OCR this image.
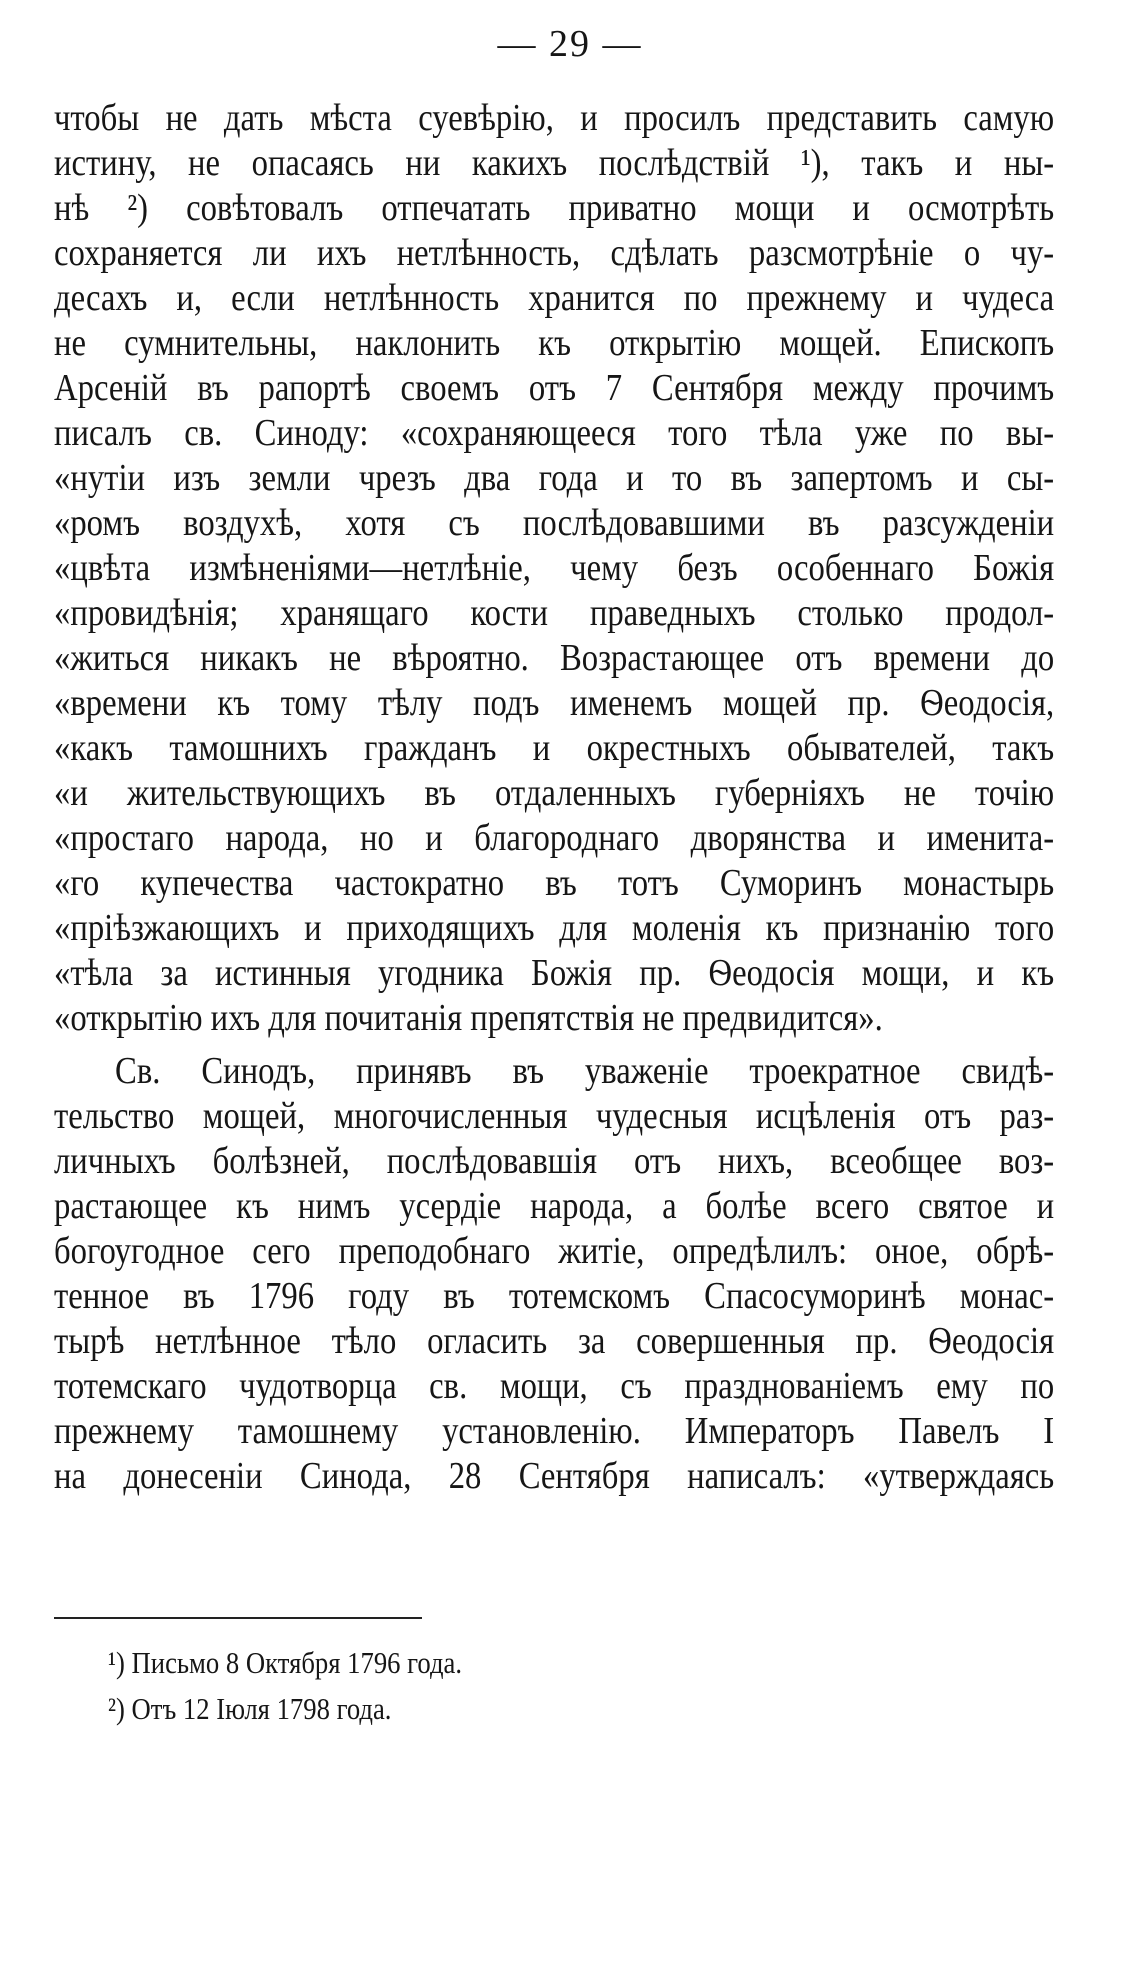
— 29 —
чтобы не дать мѣста суевѣрію, и просилъ представить самую
истину, не опасаясь ни какихъ послѣдствій ¹), такъ и ны-
нѣ ²) совѣтовалъ отпечатать приватно мощи и осмотрѣть
сохраняется ли ихъ нетлѣнность, сдѣлать разсмотрѣніе о чу-
десахъ и, если нетлѣнность хранится по прежнему и чудеса
не сумнительны, наклонить къ открытію мощей. Епископъ
Арсеній въ рапортѣ своемъ отъ 7 Сентября между прочимъ
писалъ св. Синоду: «сохраняющееся того тѣла уже по вы-
«нутіи изъ земли чрезъ два года и то въ запертомъ и сы-
«ромъ воздухѣ, хотя съ послѣдовавшими въ разсужденіи
«цвѣта измѣненіями—нетлѣніе, чему безъ особеннаго Божія
«провидѣнія; хранящаго кости праведныхъ столько продол-
«житься никакъ не вѣроятно. Возрастающее отъ времени до
«времени къ тому тѣлу подъ именемъ мощей пр. Ѳеодосія,
«какъ тамошнихъ гражданъ и окрестныхъ обывателей, такъ
«и жительствующихъ въ отдаленныхъ губерніяхъ не точію
«простаго народа, но и благороднаго дворянства и именита-
«го купечества частократно въ тотъ Суморинъ монастырь
«пріѣзжающихъ и приходящихъ для моленія къ признанію того
«тѣла за истинныя угодника Божія пр. Ѳеодосія мощи, и къ
«открытію ихъ для почитанія препятствія не предвидится».
Св. Синодъ, принявъ въ уваженіе троекратное свидѣ-
тельство мощей, многочисленныя чудесныя исцѣленія отъ раз-
личныхъ болѣзней, послѣдовавшія отъ нихъ, всеобщее воз-
растающее къ нимъ усердіе народа, а болѣе всего святое и
богоугодное сего преподобнаго житіе, опредѣлилъ: оное, обрѣ-
тенное въ 1796 году въ тотемскомъ Спасосуморинѣ монас-
тырѣ нетлѣнное тѣло огласить за совершенныя пр. Ѳеодосія
тотемскаго чудотворца св. мощи, съ празднованіемъ ему по
прежнему тамошнему установленію. Императоръ Павелъ I
на донесеніи Синода, 28 Сентября написалъ: «утверждаясь
¹) Письмо 8 Октября 1796 года.
²) Отъ 12 Іюля 1798 года.
